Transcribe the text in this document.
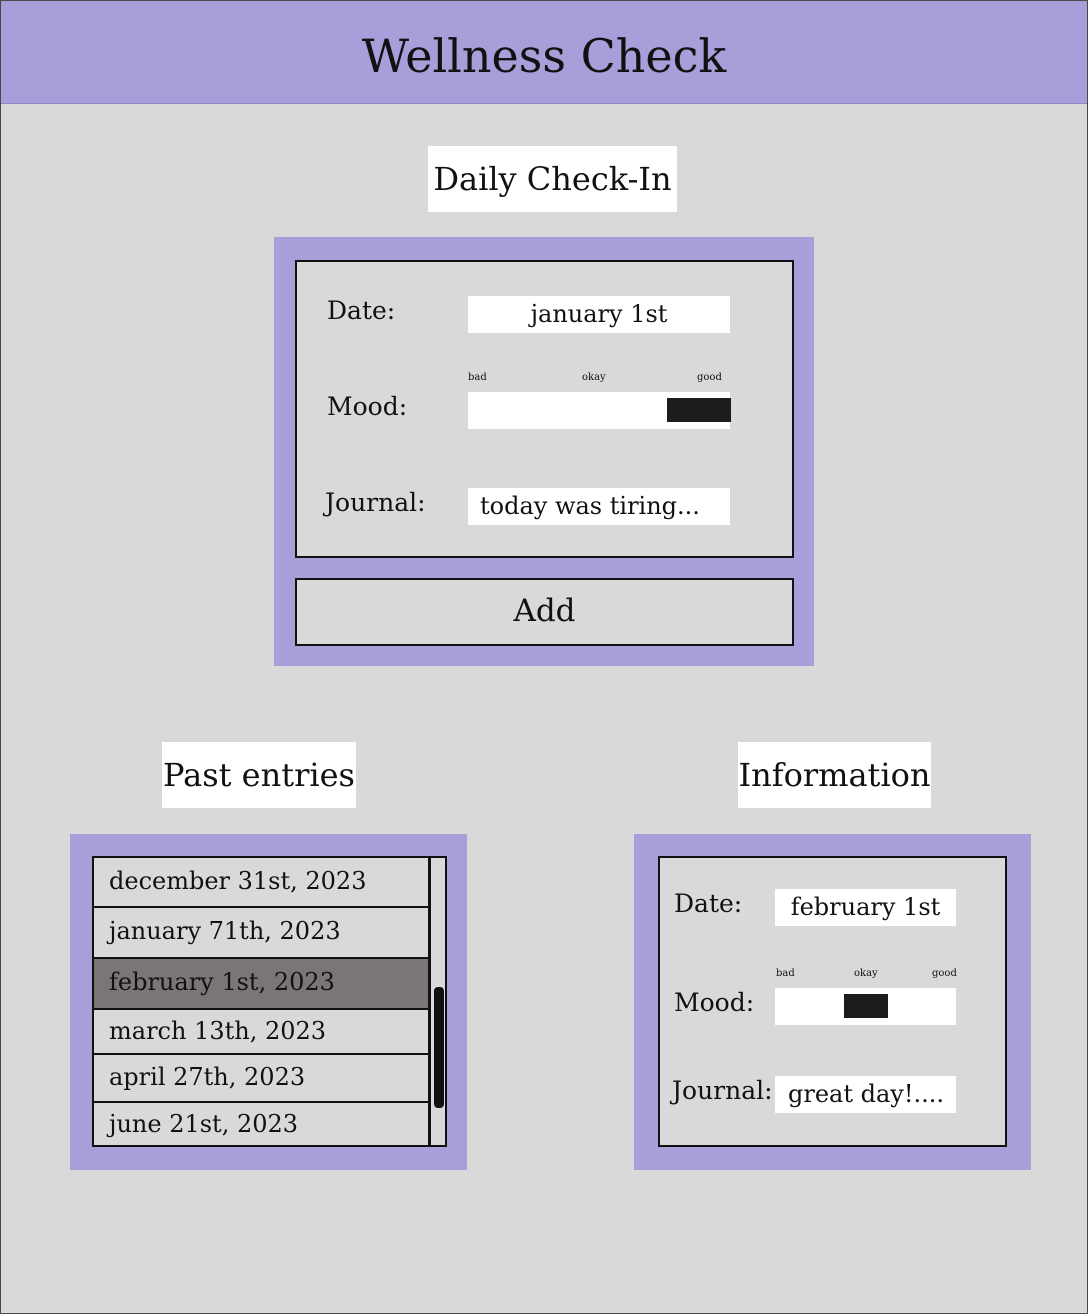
Wellness Check
Daily Check-In
Date:	january 1st
bad	okay	good
Mood:
Journal:	today was tiring...
Add
Past entries
december 31st, 2023
january 71th, 2023
february 1st, 2023
march 13th, 2023
april 27th, 2023
june 21st, 2023
Information
Date:	february 1st
bad	okay	good
Mood:
Journal: great day!....
